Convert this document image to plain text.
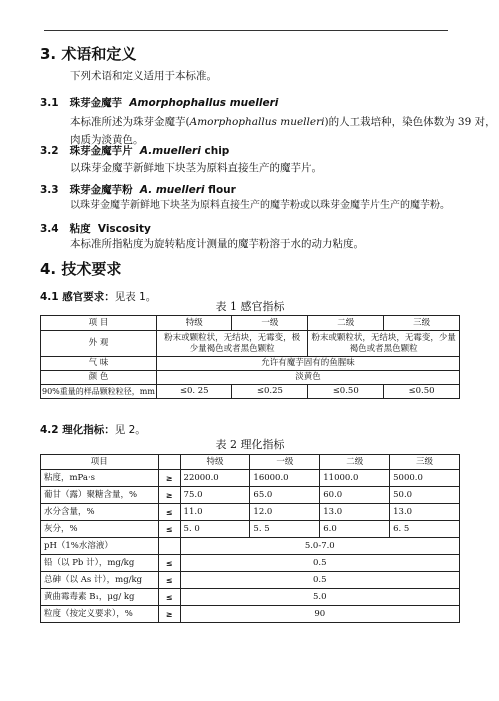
3. 术语和定义
下列术语和定义适用于本标准。
3.1 珠芽金魔芋 Amorphophallus muelleri
本标准所述为珠芽金魔芋(Amorphophallus muelleri)的人工栽培种，染色体数为 39 对，
肉质为淡黄色。
3.2 珠芽金魔芋片 A.muelleri chip
以珠芽金魔芋新鲜地下块茎为原料直接生产的魔芋片。
3.3 珠芽金魔芋粉 A. muelleri flour
以珠芽金魔芋新鲜地下块茎为原料直接生产的魔芋粉或以珠芽金魔芋片生产的魔芋粉。
3.4 粘度 Viscosity
本标准所指粘度为旋转粘度计测量的魔芋粉溶于水的动力粘度。
4. 技术要求
4.1 感官要求：见表 1。
表 1 感官指标
项 目	特级	一级	二级	三级
外 观	粉末或颗粒状，无结块，无霉变，极少量褐色或者黑色颗粒		粉末或颗粒状，无结块，无霉变，少量褐色或者黑色颗粒	
气 味	允许有魔芋固有的鱼腥味			
颜 色	淡黄色			
90%重量的样品颗粒粒径，mm	≤0. 25	≤0.25	≤0.50	≤0.50
4.2 理化指标：见 2。
表 2 理化指标
项目		特级	一级	二级	三级
粘度，mPa·s	≥	22000.0	16000.0	11000.0	5000.0
葡甘（露）聚糖含量，%	≥	75.0	65.0	60.0	50.0
水分含量，%	≤	11.0	12.0	13.0	13.0
灰分，%	≤	5. 0	5. 5	6.0	6. 5
pH（1%水溶液）		5.0-7.0			
铅（以 Pb 计），mg/kg	≤	0.5			
总砷（以 As 计），mg/kg	≤	0.5			
黄曲霉毒素 B₁，μg/ kg	≤	5.0			
粒度（按定义要求），%	≥	90			
